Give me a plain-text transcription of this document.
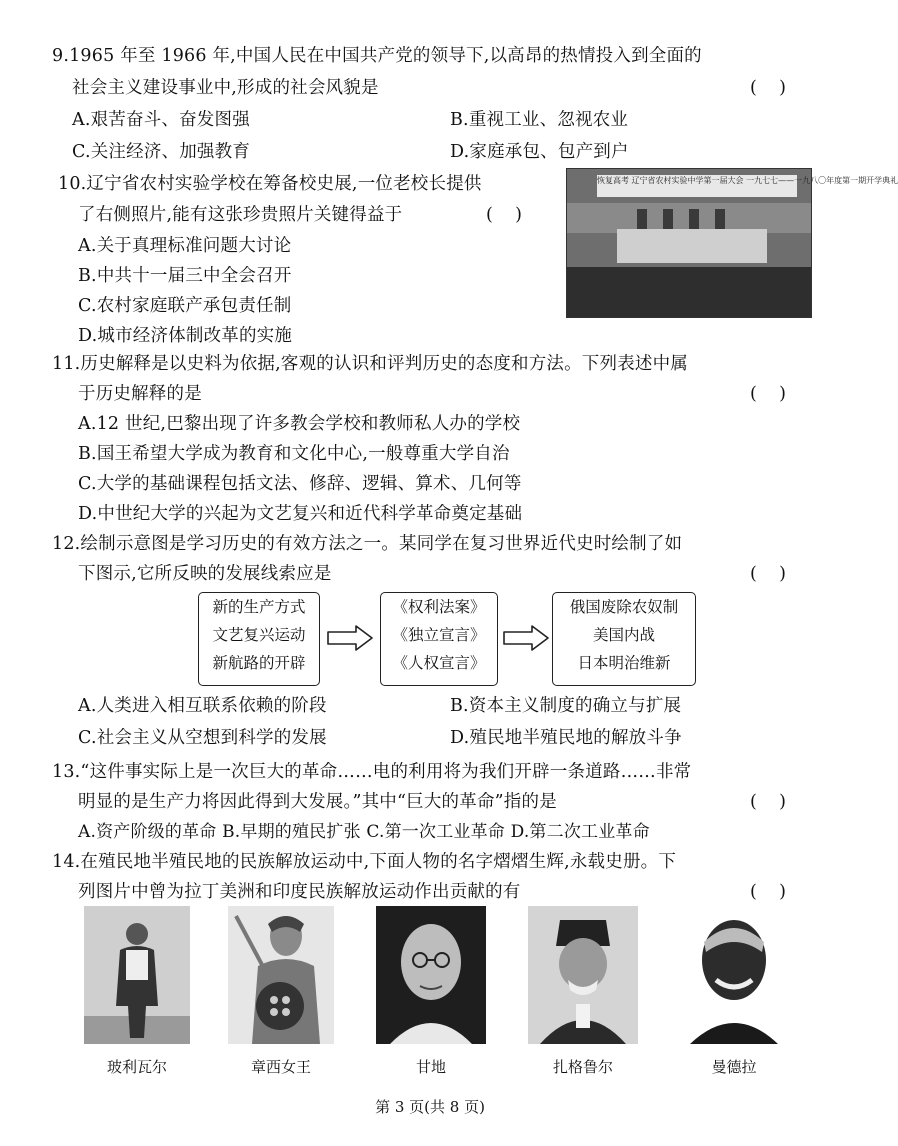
9.1965 年至 1966 年,中国人民在中国共产党的领导下,以高昂的热情投入到全面的
社会主义建设事业中,形成的社会风貌是	(    )
A.艰苦奋斗、奋发图强	B.重视工业、忽视农业
C.关注经济、加强教育	D.家庭承包、包产到户
10.辽宁省农村实验学校在筹备校史展,一位老校长提供
了右侧照片,能有这张珍贵照片关键得益于	(    )
A.关于真理标准问题大讨论
B.中共十一届三中全会召开
C.农村家庭联产承包责任制
D.城市经济体制改革的实施
恢复高考 辽宁省农村实验中学第一届大会 一九七七——一九八〇年度第一期开学典礼
11.历史解释是以史料为依据,客观的认识和评判历史的态度和方法。下列表述中属
于历史解释的是	(    )
A.12 世纪,巴黎出现了许多教会学校和教师私人办的学校
B.国王希望大学成为教育和文化中心,一般尊重大学自治
C.大学的基础课程包括文法、修辞、逻辑、算术、几何等
D.中世纪大学的兴起为文艺复兴和近代科学革命奠定基础
12.绘制示意图是学习历史的有效方法之一。某同学在复习世界近代史时绘制了如
下图示,它所反映的发展线索应是	(    )
新的生产方式
文艺复兴运动
新航路的开辟
《权利法案》
《独立宣言》
《人权宣言》
俄国废除农奴制
美国内战
日本明治维新
A.人类进入相互联系依赖的阶段	B.资本主义制度的确立与扩展
C.社会主义从空想到科学的发展	D.殖民地半殖民地的解放斗争
13.“这件事实际上是一次巨大的革命……电的利用将为我们开辟一条道路……非常
明显的是生产力将因此得到大发展。”其中“巨大的革命”指的是	(    )
A.资产阶级的革命 B.早期的殖民扩张 C.第一次工业革命 D.第二次工业革命
14.在殖民地半殖民地的民族解放运动中,下面人物的名字熠熠生辉,永载史册。下
列图片中曾为拉丁美洲和印度民族解放运动作出贡献的有	(    )
玻利瓦尔	章西女王	甘地	扎格鲁尔	曼德拉
第 3 页(共 8 页)
